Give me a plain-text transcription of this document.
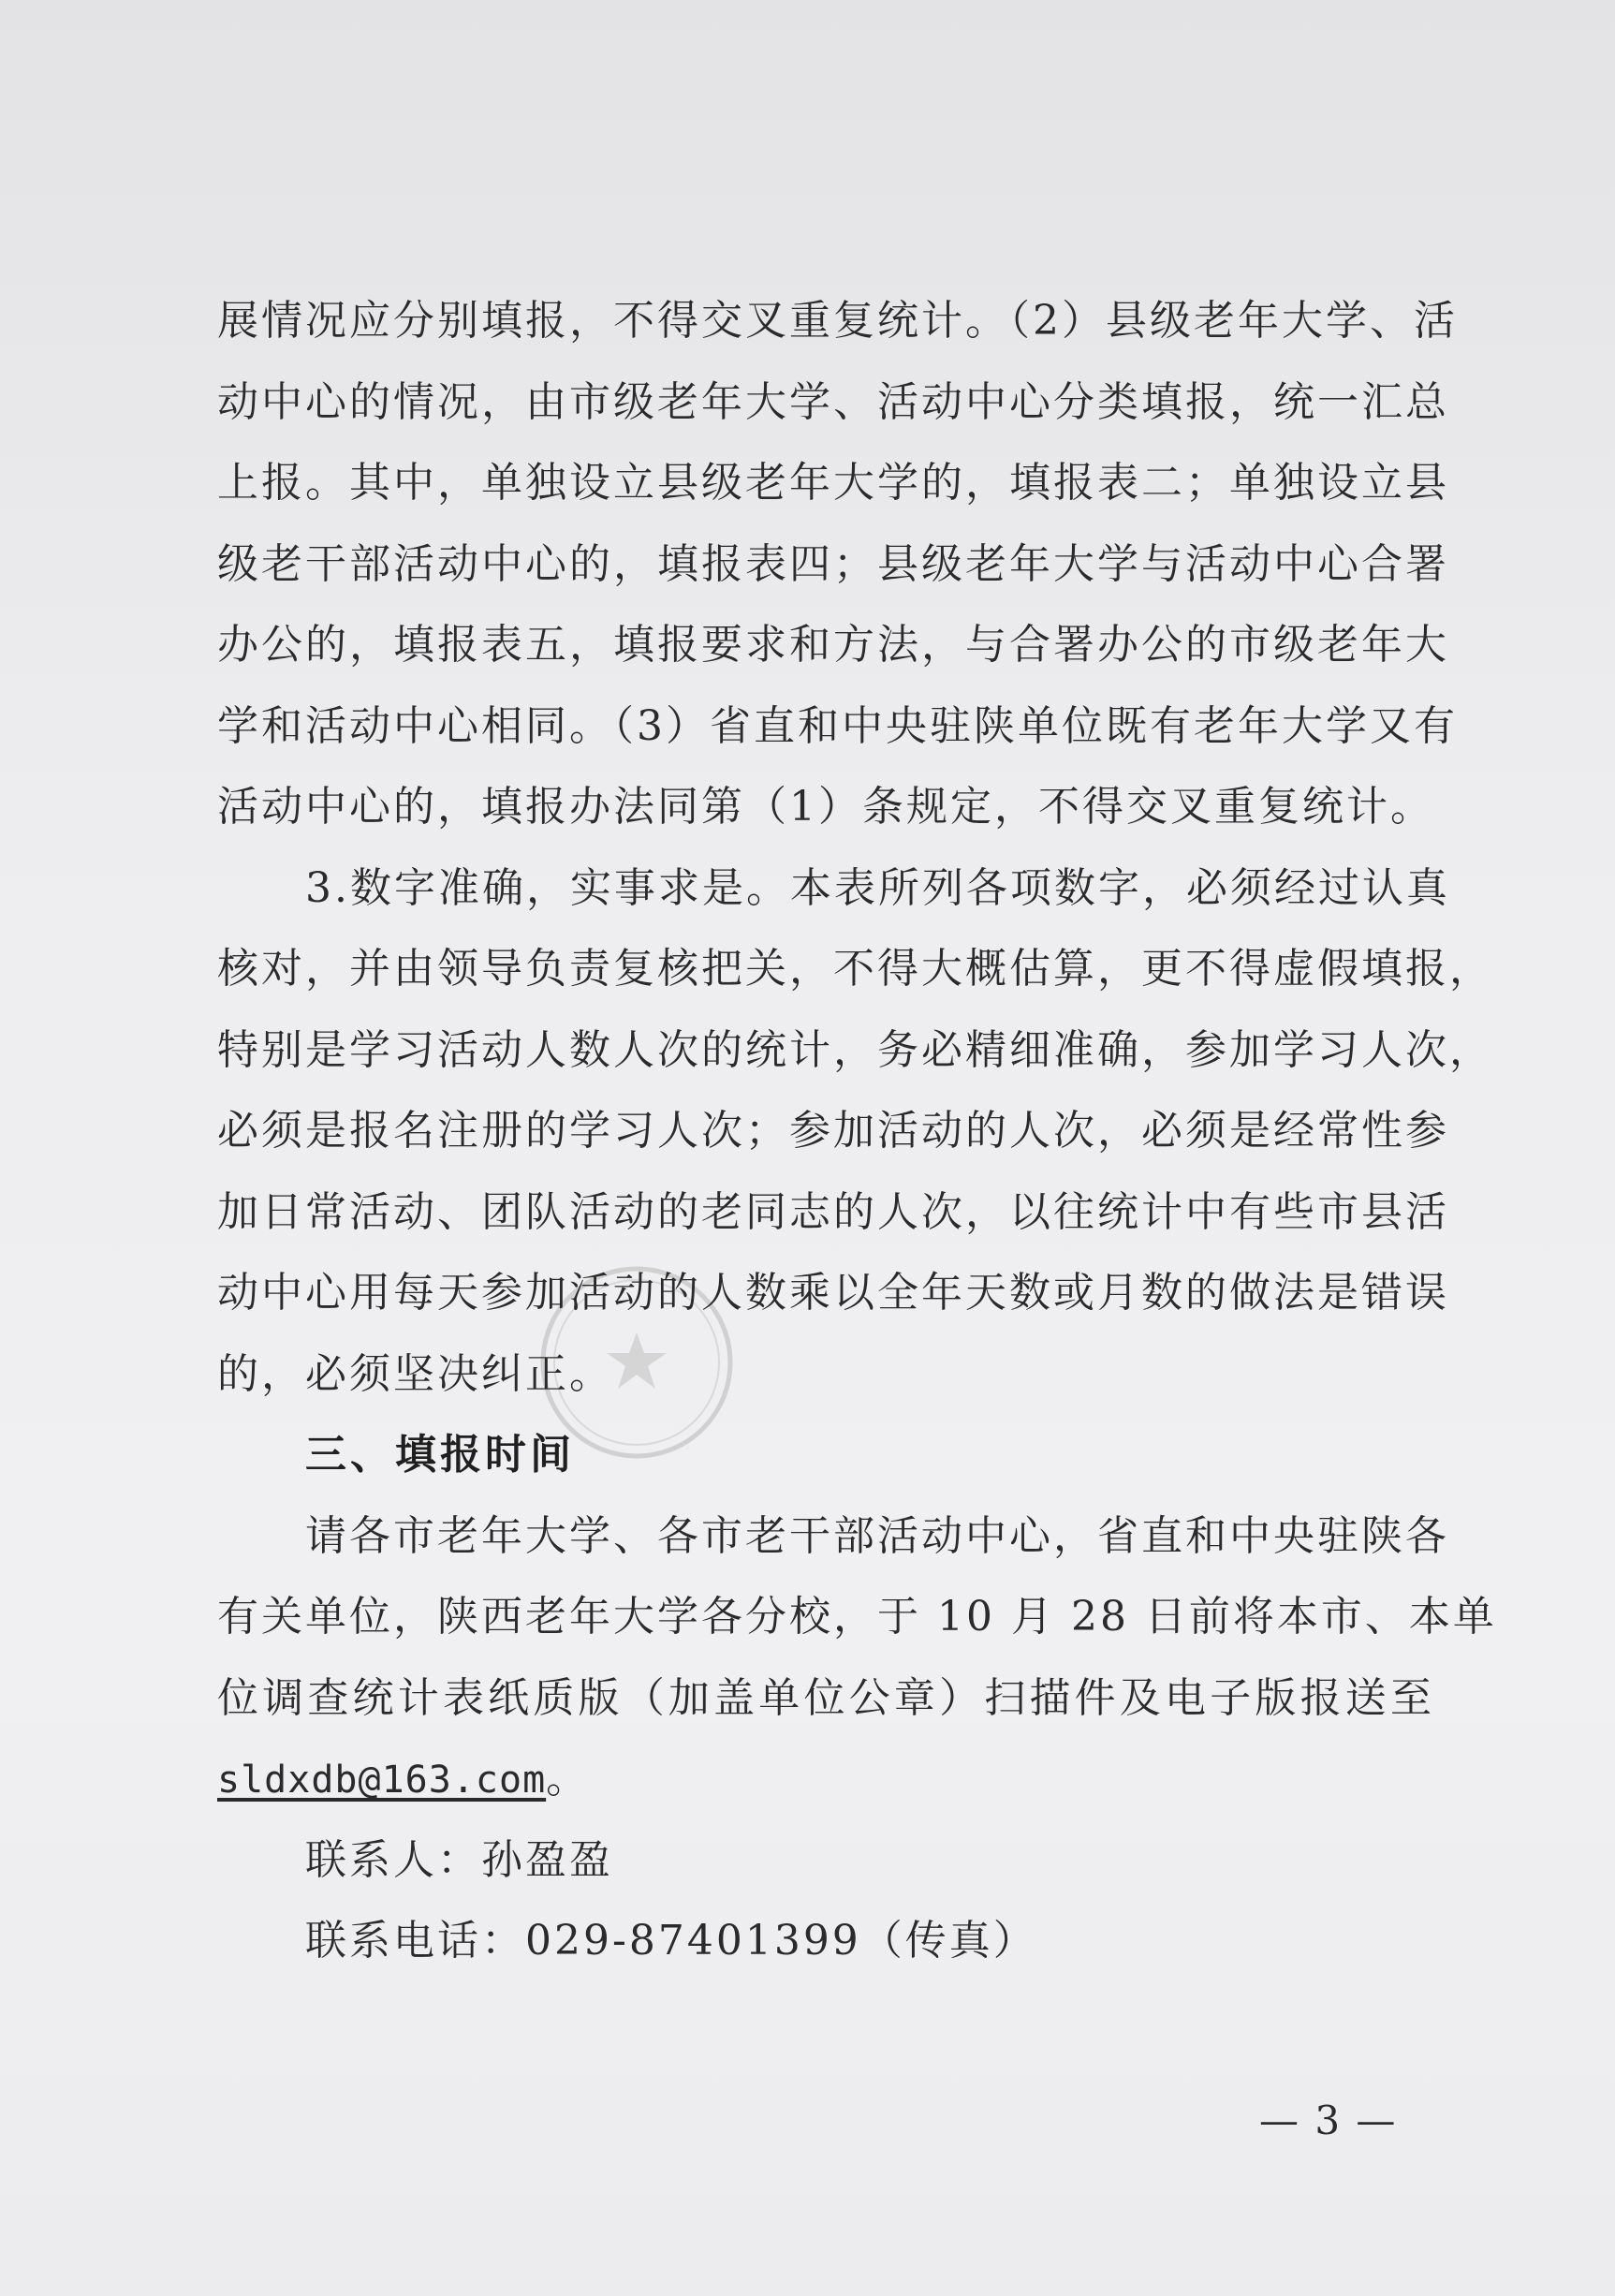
展情况应分别填报，不得交叉重复统计。（2）县级老年大学、活
动中心的情况，由市级老年大学、活动中心分类填报，统一汇总
上报。其中，单独设立县级老年大学的，填报表二；单独设立县
级老干部活动中心的，填报表四；县级老年大学与活动中心合署
办公的，填报表五，填报要求和方法，与合署办公的市级老年大
学和活动中心相同。（3）省直和中央驻陕单位既有老年大学又有
活动中心的，填报办法同第（1）条规定，不得交叉重复统计。
3.数字准确，实事求是。本表所列各项数字，必须经过认真
核对，并由领导负责复核把关，不得大概估算，更不得虚假填报，
特别是学习活动人数人次的统计，务必精细准确，参加学习人次，
必须是报名注册的学习人次；参加活动的人次，必须是经常性参
加日常活动、团队活动的老同志的人次，以往统计中有些市县活
动中心用每天参加活动的人数乘以全年天数或月数的做法是错误
的，必须坚决纠正。
三、填报时间
请各市老年大学、各市老干部活动中心，省直和中央驻陕各
有关单位，陕西老年大学各分校，于 10 月 28 日前将本市、本单
位调查统计表纸质版（加盖单位公章）扫描件及电子版报送至
sldxdb@163.com。
联系人：孙盈盈
联系电话：029-87401399（传真）
— 3 —
